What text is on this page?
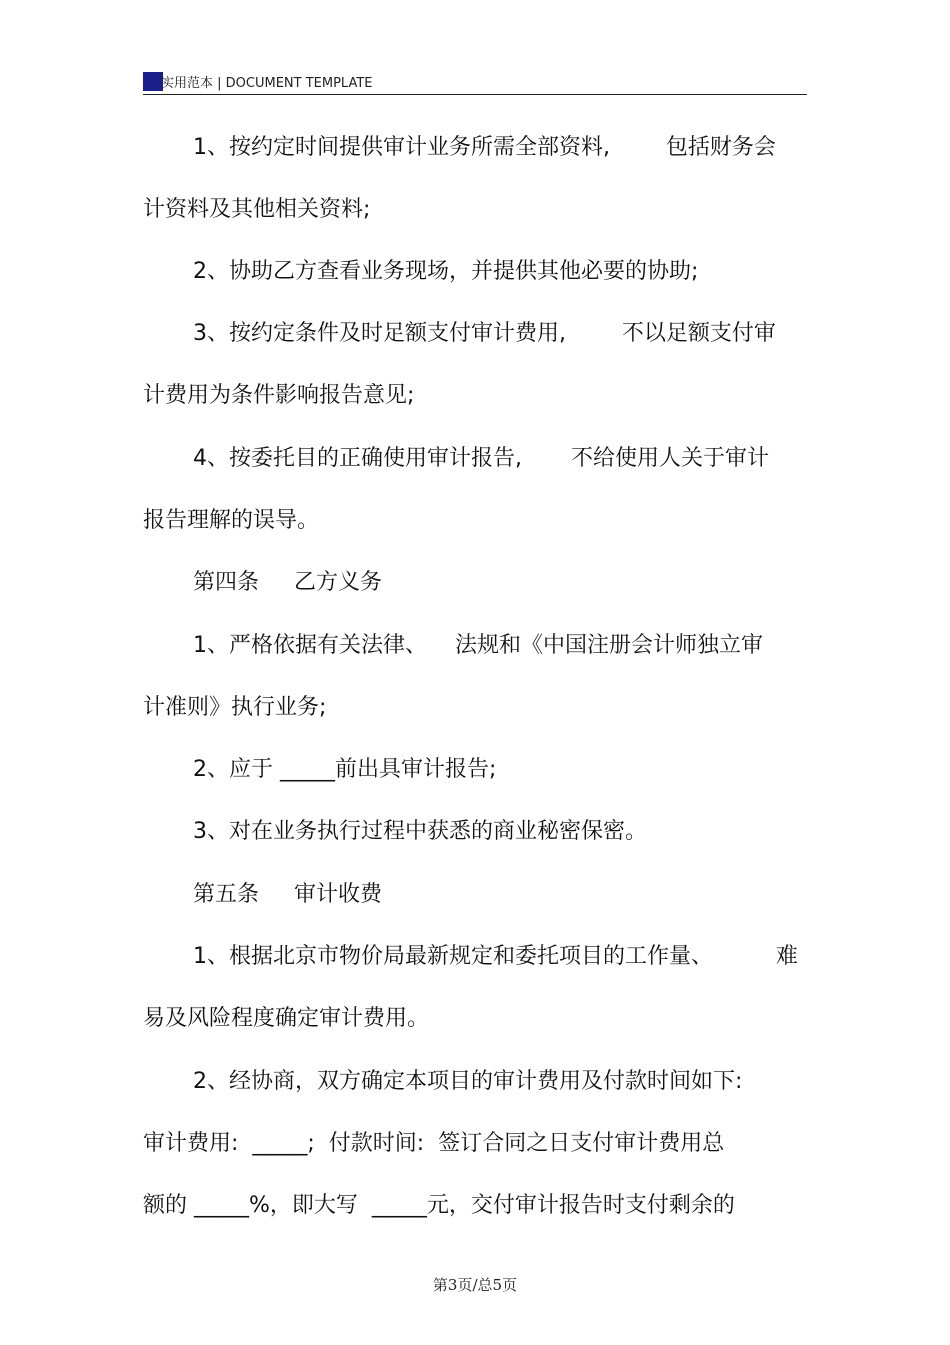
实用范本 | DOCUMENT TEMPLATE
1、按约定时间提供审计业务所需全部资料,        包括财务会
计资料及其他相关资料;
2、协助乙方查看业务现场，并提供其他必要的协助;
3、按约定条件及时足额支付审计费用,        不以足额支付审
计费用为条件影响报告意见;
4、按委托目的正确使用审计报告,       不给使用人关于审计
报告理解的误导。
第四条     乙方义务
1、严格依据有关法律、    法规和《中国注册会计师独立审
计准则》执行业务;
2、应于 _____前出具审计报告;
3、对在业务执行过程中获悉的商业秘密保密。
第五条     审计收费
1、根据北京市物价局最新规定和委托项目的工作量、         难
易及风险程度确定审计费用。
2、经协商，双方确定本项目的审计费用及付款时间如下:
审计费用:  _____;  付款时间:  签订合同之日支付审计费用总
额的 _____%，即大写  _____元，交付审计报告时支付剩余的
第3页/总5页
